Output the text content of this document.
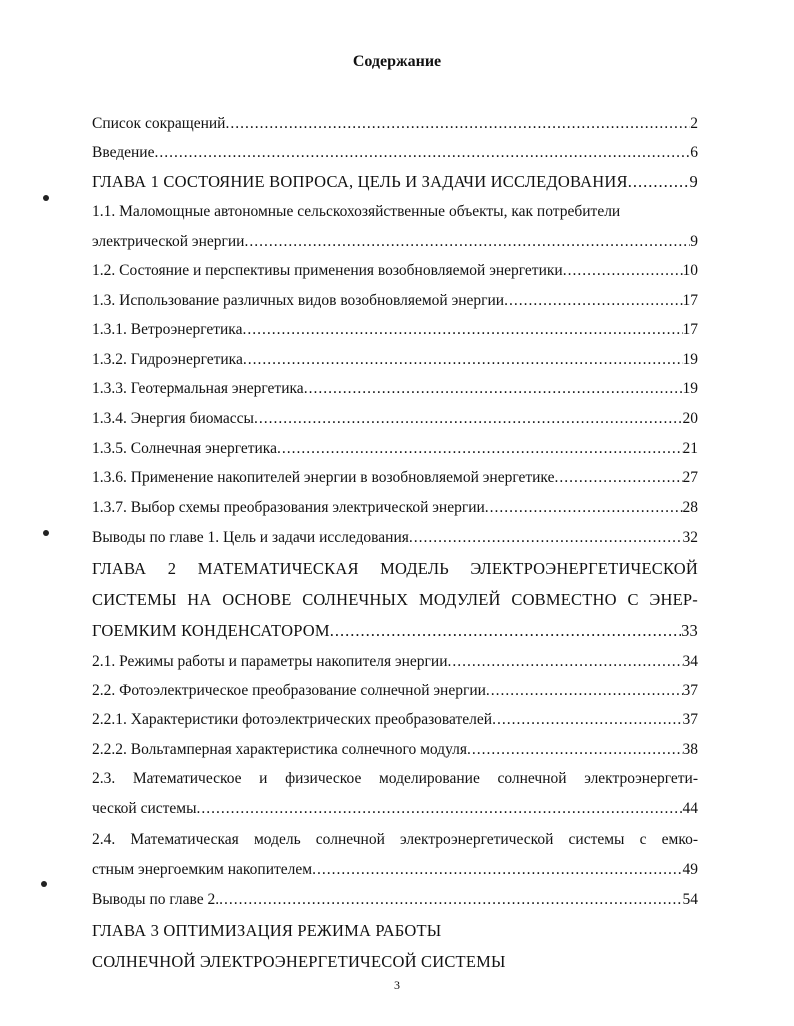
Содержание
Список сокращений .....	2
Введение .....	6
ГЛАВА 1 СОСТОЯНИЕ ВОПРОСА, ЦЕЛЬ И ЗАДАЧИ ИССЛЕДОВАНИЯ .....	9
1.1. Маломощные автономные сельскохозяйственные объекты, как потребители
электрической энергии .....	9
1.2. Состояние и перспективы применения возобновляемой энергетики .....	10
1.3. Использование различных видов возобновляемой энергии .....	17
1.3.1. Ветроэнергетика .....	17
1.3.2. Гидроэнергетика .....	19
1.3.3. Геотермальная энергетика .....	19
1.3.4. Энергия биомассы .....	20
1.3.5. Солнечная энергетика .....	21
1.3.6. Применение накопителей энергии в возобновляемой энергетике .....	27
1.3.7. Выбор схемы преобразования электрической энергии .....	28
Выводы по главе 1. Цель и задачи исследования .....	32
ГЛАВА 2 МАТЕМАТИЧЕСКАЯ МОДЕЛЬ ЭЛЕКТРОЭНЕРГЕТИЧЕСКОЙ
СИСТЕМЫ НА ОСНОВЕ СОЛНЕЧНЫХ МОДУЛЕЙ СОВМЕСТНО С ЭНЕР-
ГОЕМКИМ КОНДЕНСАТОРОМ .....	33
2.1. Режимы работы и параметры накопителя энергии .....	34
2.2. Фотоэлектрическое преобразование солнечной энергии .....	37
2.2.1. Характеристики фотоэлектрических преобразователей .....	37
2.2.2. Вольтамперная характеристика солнечного модуля .....	38
2.3. Математическое и физическое моделирование солнечной электроэнергети-
ческой системы .....	44
2.4. Математическая модель солнечной электроэнергетической системы с емко-
стным энергоемким накопителем .....	49
Выводы по главе 2. .....	54
ГЛАВА 3 ОПТИМИЗАЦИЯ РЕЖИМА РАБОТЫ
СОЛНЕЧНОЙ ЭЛЕКТРОЭНЕРГЕТИЧЕСОЙ СИСТЕМЫ
3
